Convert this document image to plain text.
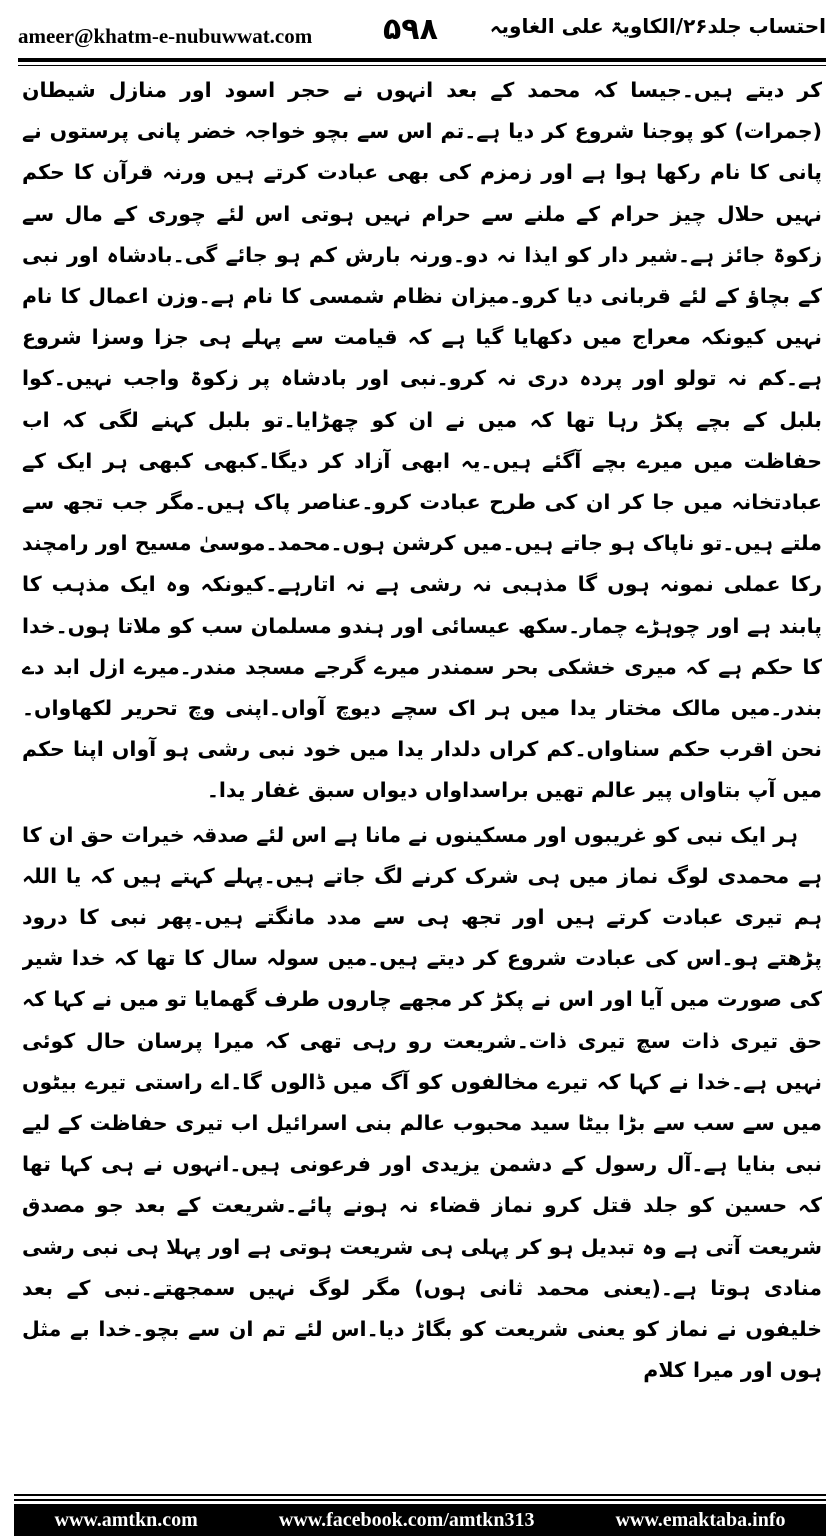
ameer@khatm-e-nubuwwat.com ۵۹۸	احتساب جلد۲۶/الکاویۃ علی الغاویہ

کر دیتے ہیں۔جیسا کہ محمد کے بعد انہوں نے حجر اسود اور منازل شیطان (جمرات) کو پوجنا شروع کر دیا ہے۔تم اس سے بچو خواجہ خضر پانی پرستوں نے پانی کا نام رکھا ہوا ہے اور زمزم کی بھی عبادت کرتے ہیں ورنہ قرآن کا حکم نہیں حلال چیز حرام کے ملنے سے حرام نہیں ہوتی اس لئے چوری کے مال سے زکوۃ جائز ہے۔شیر دار کو ایذا نہ دو۔ورنہ بارش کم ہو جائے گی۔بادشاہ اور نبی کے بچاؤ کے لئے قربانی دیا کرو۔میزان نظام شمسی کا نام ہے۔وزن اعمال کا نام نہیں کیونکہ معراج میں دکھایا گیا ہے کہ قیامت سے پہلے ہی جزا وسزا شروع ہے۔کم نہ تولو اور پردہ دری نہ کرو۔نبی اور بادشاہ پر زکوۃ واجب نہیں۔کوا بلبل کے بچے پکڑ رہا تھا کہ میں نے ان کو چھڑایا۔تو بلبل کہنے لگی کہ اب حفاظت میں میرے بچے آگئے ہیں۔یہ ابھی آزاد کر دیگا۔کبھی کبھی ہر ایک کے عبادتخانہ میں جا کر ان کی طرح عبادت کرو۔عناصر پاک ہیں۔مگر جب تجھ سے ملتے ہیں۔تو ناپاک ہو جاتے ہیں۔میں کرشن ہوں۔محمد۔موسیٰ مسیح اور رامچند رکا عملی نمونہ ہوں گا مذہبی نہ رشی ہے نہ اتارہے۔کیونکہ وہ ایک مذہب کا پابند ہے اور چوہڑے چمار۔سکھ عیسائی اور ہندو مسلمان سب کو ملاتا ہوں۔خدا کا حکم ہے کہ میری خشکی بحر سمندر میرے گرجے مسجد مندر۔میرے ازل ابد دے بندر۔میں مالک مختار یدا میں ہر اک سچے دیوچ آواں۔اپنی وچ تحریر لکھاواں۔نحن اقرب حکم سناواں۔کم کراں دلدار یدا میں خود نبی رشی ہو آواں اپنا حکم میں آپ بتاواں پیر عالم تھیں براسداواں دیواں سبق غفار یدا۔

ہر ایک نبی کو غریبوں اور مسکینوں نے مانا ہے اس لئے صدقہ خیرات حق ان کا ہے محمدی لوگ نماز میں ہی شرک کرنے لگ جاتے ہیں۔پہلے کہتے ہیں کہ یا اللہ ہم تیری عبادت کرتے ہیں اور تجھ ہی سے مدد مانگتے ہیں۔پھر نبی کا درود پڑھتے ہو۔اس کی عبادت شروع کر دیتے ہیں۔میں سولہ سال کا تھا کہ خدا شیر کی صورت میں آیا اور اس نے پکڑ کر مجھے چاروں طرف گھمایا تو میں نے کہا کہ حق تیری ذات سچ تیری ذات۔شریعت رو رہی تھی کہ میرا پرسان حال کوئی نہیں ہے۔خدا نے کہا کہ تیرے مخالفوں کو آگ میں ڈالوں گا۔اے راستی تیرے بیٹوں میں سے سب سے بڑا بیٹا سید محبوب عالم بنی اسرائیل اب تیری حفاظت کے لیے نبی بنایا ہے۔آل رسول کے دشمن یزیدی اور فرعونی ہیں۔انہوں نے ہی کہا تھا کہ حسین کو جلد قتل کرو نماز قضاء نہ ہونے پائے۔شریعت کے بعد جو مصدق شریعت آتی ہے وہ تبدیل ہو کر پہلی ہی شریعت ہوتی ہے اور پہلا ہی نبی رشی منادی ہوتا ہے۔(یعنی محمد ثانی ہوں) مگر لوگ نہیں سمجھتے۔نبی کے بعد خلیفوں نے نماز کو یعنی شریعت کو بگاڑ دیا۔اس لئے تم ان سے بچو۔خدا بے مثل ہوں اور میرا کلام

www.amtkn.com	www.facebook.com/amtkn313	www.emaktaba.info
